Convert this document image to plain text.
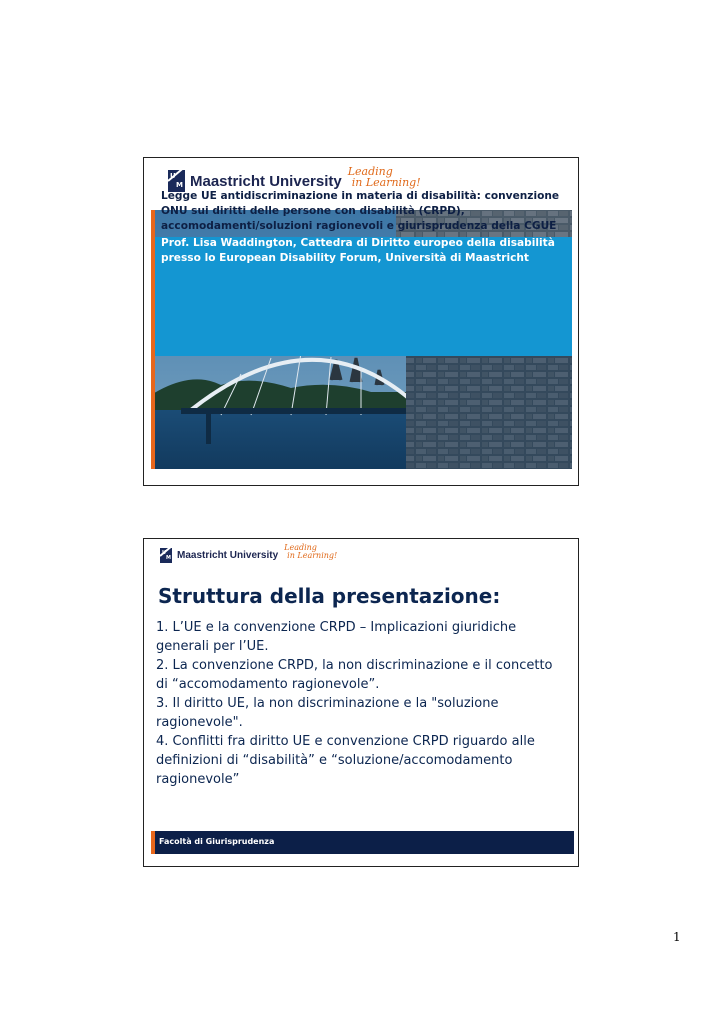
M Maastricht University
Leading
in Learning!
Legge UE antidiscriminazione in materia di disabilità: convenzione ONU sui diritti delle persone con disabilità (CRPD), accomodamenti/soluzioni ragionevoli e giurisprudenza della CGUE
Prof. Lisa Waddington, Cattedra di Diritto europeo della disabilità presso lo European Disability Forum, Università di Maastricht
M Maastricht University
Leading
in Learning!
Struttura della presentazione:

1. L’UE e la convenzione CRPD – Implicazioni giuridiche generali per l’UE.

2. La convenzione CRPD, la non discriminazione e il concetto di “accomodamento ragionevole”.

3. Il diritto UE, la non discriminazione e la "soluzione ragionevole".

4. Conflitti fra diritto UE e convenzione CRPD riguardo alle definizioni di “disabilità” e “soluzione/accomodamento ragionevole”

Facoltà di Giurisprudenza
1
